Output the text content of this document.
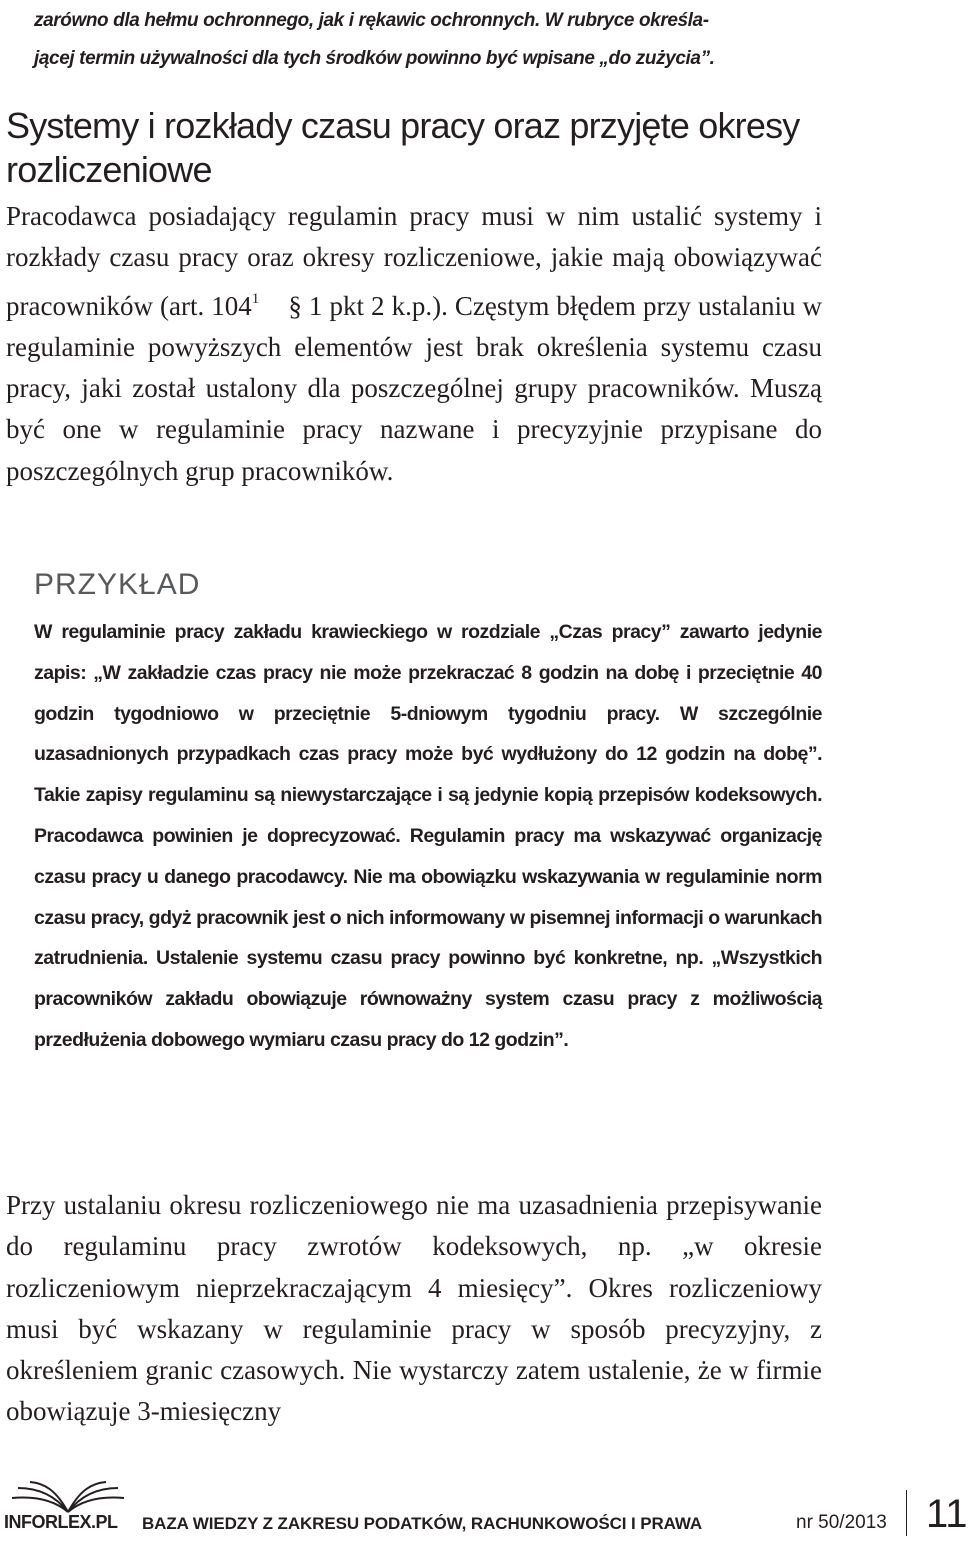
zarówno dla hełmu ochronnego, jak i rękawic ochronnych. W rubryce określa-
jącej termin używalności dla tych środków powinno być wpisane „do zużycia”.

Systemy i rozkłady czasu pracy oraz przyjęte okresy
rozliczeniowe

Pracodawca posiadający regulamin pracy musi w nim ustalić systemy i rozkłady czasu pracy oraz okresy rozliczeniowe, jakie mają obowiązywać pracowników (art. $104^1$ § 1 pkt 2 k.p.). Częstym błędem przy ustalaniu w regulaminie powyższych elementów jest brak określenia systemu czasu pracy, jaki został ustalony dla poszczególnej grupy pracowników. Muszą być one w regulaminie pracy nazwane i precyzyjnie przypisane do poszczególnych grup pracowników.

PRZYKŁAD

W regulaminie pracy zakładu krawieckiego w rozdziale „Czas pracy” zawarto jedynie zapis: „W zakładzie czas pracy nie może przekraczać 8 godzin na dobę i przeciętnie 40 godzin tygodniowo w przeciętnie 5-dniowym tygodniu pracy. W szczególnie uzasadnionych przypadkach czas pracy może być wydłużony do 12 godzin na dobę”. Takie zapisy regulaminu są niewystarczające i są jedynie kopią przepisów kodeksowych. Pracodawca powinien je doprecyzować. Regulamin pracy ma wskazywać organizację czasu pracy u danego pracodawcy. Nie ma obowiązku wskazywania w regulaminie norm czasu pracy, gdyż pracownik jest o nich informowany w pisemnej informacji o warunkach zatrudnienia. Ustalenie systemu czasu pracy powinno być konkretne, np. „Wszystkich pracowników zakładu obowiązuje równoważny system czasu pracy z możliwością przedłużenia dobowego wymiaru czasu pracy do 12 godzin”.

Przy ustalaniu okresu rozliczeniowego nie ma uzasadnienia przepisywanie do regulaminu pracy zwrotów kodeksowych, np. „w okresie rozliczeniowym nieprzekraczającym 4 miesięcy”. Okres rozliczeniowy musi być wskazany w regulaminie pracy w sposób precyzyjny, z określeniem granic czasowych. Nie wystarczy zatem ustalenie, że w firmie obowiązuje 3-miesięczny

INFORLEX.PL BAZA WIEDZY Z ZAKRESU PODATKÓW, RACHUNKOWOŚCI I PRAWA	nr 50/2013 11
